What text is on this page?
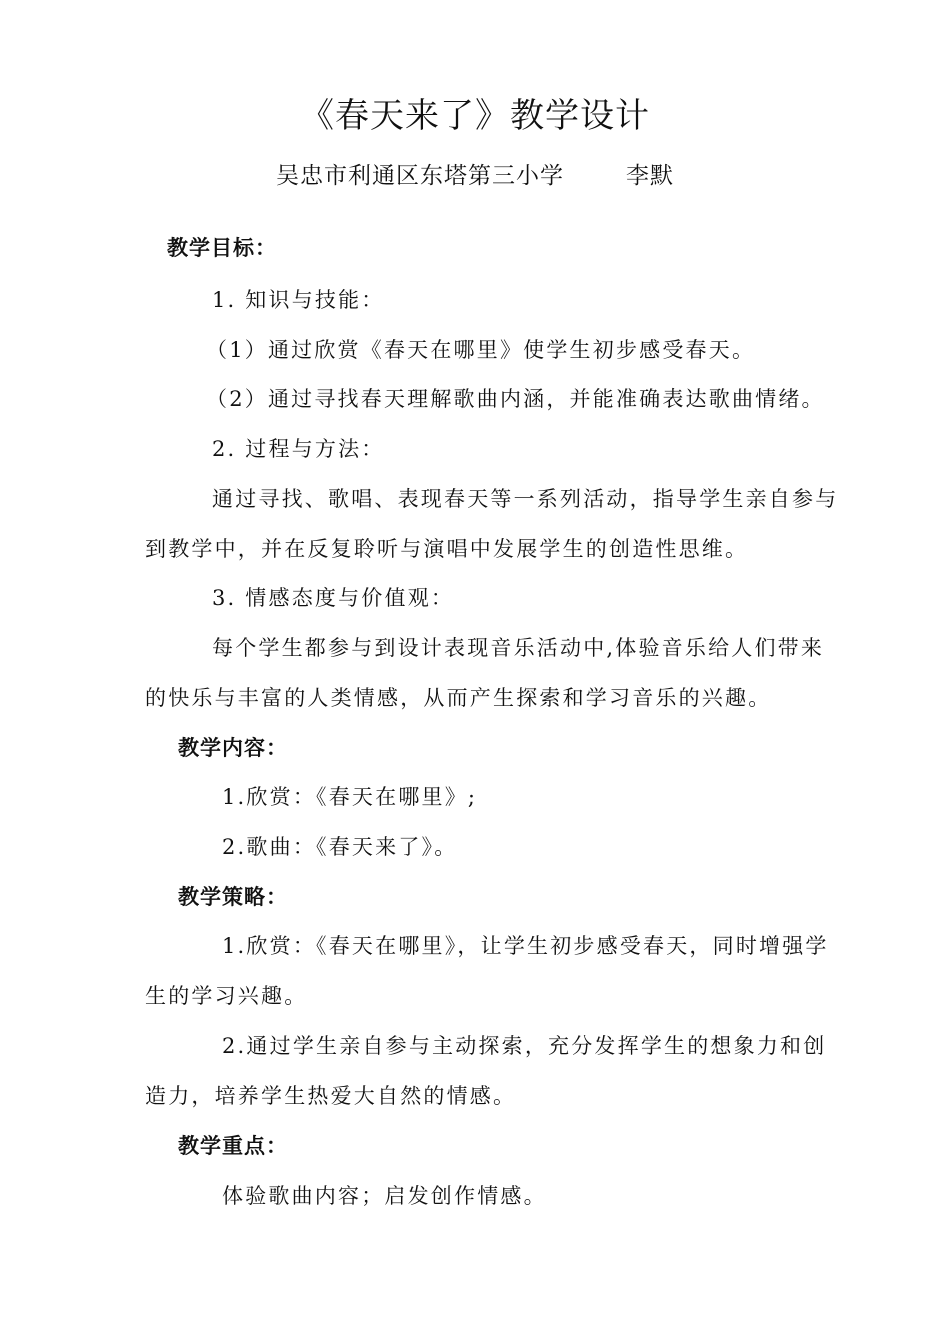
《春天来了》教学设计
吴忠市利通区东塔第三小学	李默
教学目标：
1. 知识与技能：
（1）通过欣赏《春天在哪里》使学生初步感受春天。
（2）通过寻找春天理解歌曲内涵，并能准确表达歌曲情绪。
2. 过程与方法：
通过寻找、歌唱、表现春天等一系列活动，指导学生亲自参与
到教学中，并在反复聆听与演唱中发展学生的创造性思维。
3. 情感态度与价值观：
每个学生都参与到设计表现音乐活动中,体验音乐给人们带来
的快乐与丰富的人类情感，从而产生探索和学习音乐的兴趣。
教学内容：
1.欣赏：《春天在哪里》;
2.歌曲：《春天来了》。
教学策略：
1.欣赏：《春天在哪里》，让学生初步感受春天，同时增强学
生的学习兴趣。
2.通过学生亲自参与主动探索，充分发挥学生的想象力和创
造力，培养学生热爱大自然的情感。
教学重点：
体验歌曲内容；启发创作情感。
